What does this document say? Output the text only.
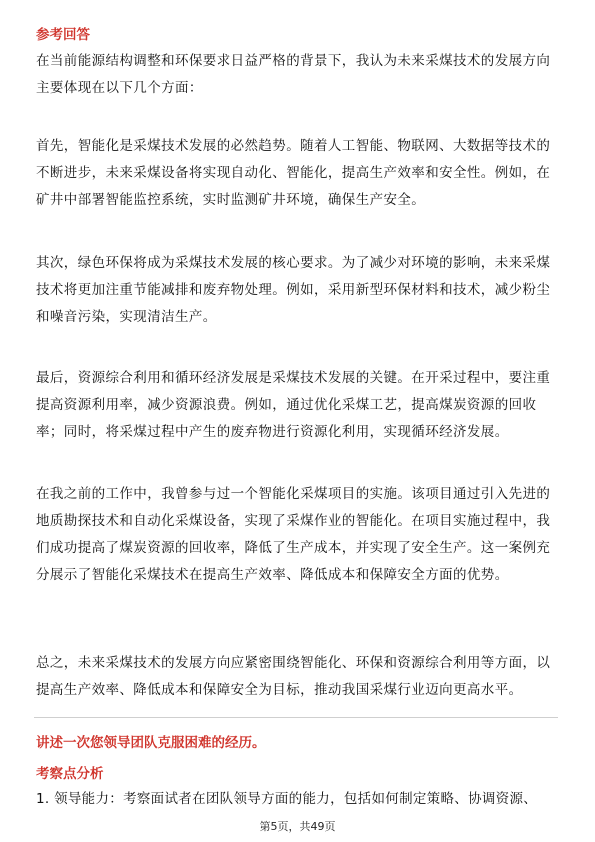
参考回答

在当前能源结构调整和环保要求日益严格的背景下，我认为未来采煤技术的发展方向主要体现在以下几个方面：

首先，智能化是采煤技术发展的必然趋势。随着人工智能、物联网、大数据等技术的不断进步，未来采煤设备将实现自动化、智能化，提高生产效率和安全性。例如，在矿井中部署智能监控系统，实时监测矿井环境，确保生产安全。

其次，绿色环保将成为采煤技术发展的核心要求。为了减少对环境的影响，未来采煤技术将更加注重节能减排和废弃物处理。例如，采用新型环保材料和技术，减少粉尘和噪音污染，实现清洁生产。

最后，资源综合利用和循环经济发展是采煤技术发展的关键。在开采过程中，要注重提高资源利用率，减少资源浪费。例如，通过优化采煤工艺，提高煤炭资源的回收率；同时，将采煤过程中产生的废弃物进行资源化利用，实现循环经济发展。

在我之前的工作中，我曾参与过一个智能化采煤项目的实施。该项目通过引入先进的地质勘探技术和自动化采煤设备，实现了采煤作业的智能化。在项目实施过程中，我们成功提高了煤炭资源的回收率，降低了生产成本，并实现了安全生产。这一案例充分展示了智能化采煤技术在提高生产效率、降低成本和保障安全方面的优势。

总之，未来采煤技术的发展方向应紧密围绕智能化、环保和资源综合利用等方面，以提高生产效率、降低成本和保障安全为目标，推动我国采煤行业迈向更高水平。

讲述一次您领导团队克服困难的经历。
考察点分析

1. 领导能力：考察面试者在团队领导方面的能力，包括如何制定策略、协调资源、

第5页，共49页
